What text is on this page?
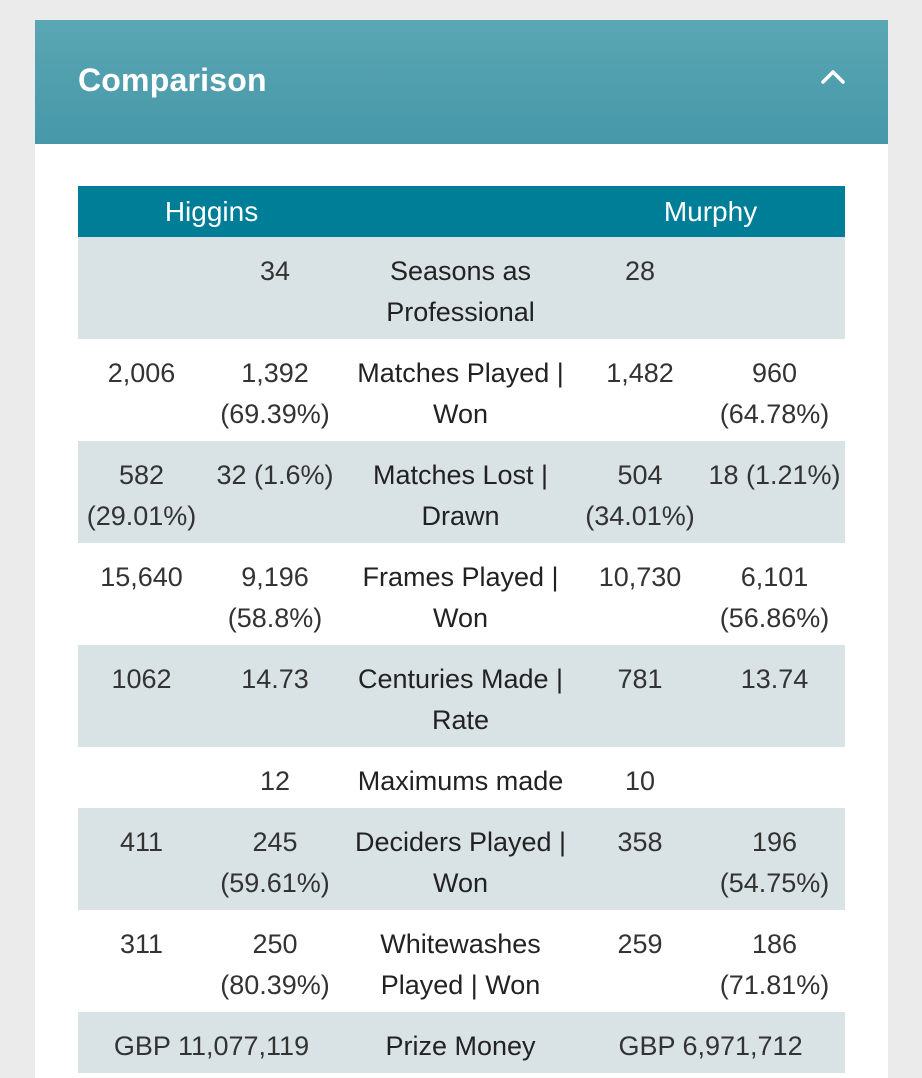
Comparison
Higgins			Murphy	
	34	Seasons as Professional	28	
2,006	1,392 (69.39%)	Matches Played | Won	1,482	960 (64.78%)
582 (29.01%)	32 (1.6%)	Matches Lost | Drawn	504 (34.01%)	18 (1.21%)
15,640	9,196 (58.8%)	Frames Played | Won	10,730	6,101 (56.86%)
1062	14.73	Centuries Made | Rate	781	13.74
	12	Maximums made	10	
411	245 (59.61%)	Deciders Played | Won	358	196 (54.75%)
311	250 (80.39%)	Whitewashes Played | Won	259	186 (71.81%)
GBP 11,077,119		Prize Money	GBP 6,971,712	
